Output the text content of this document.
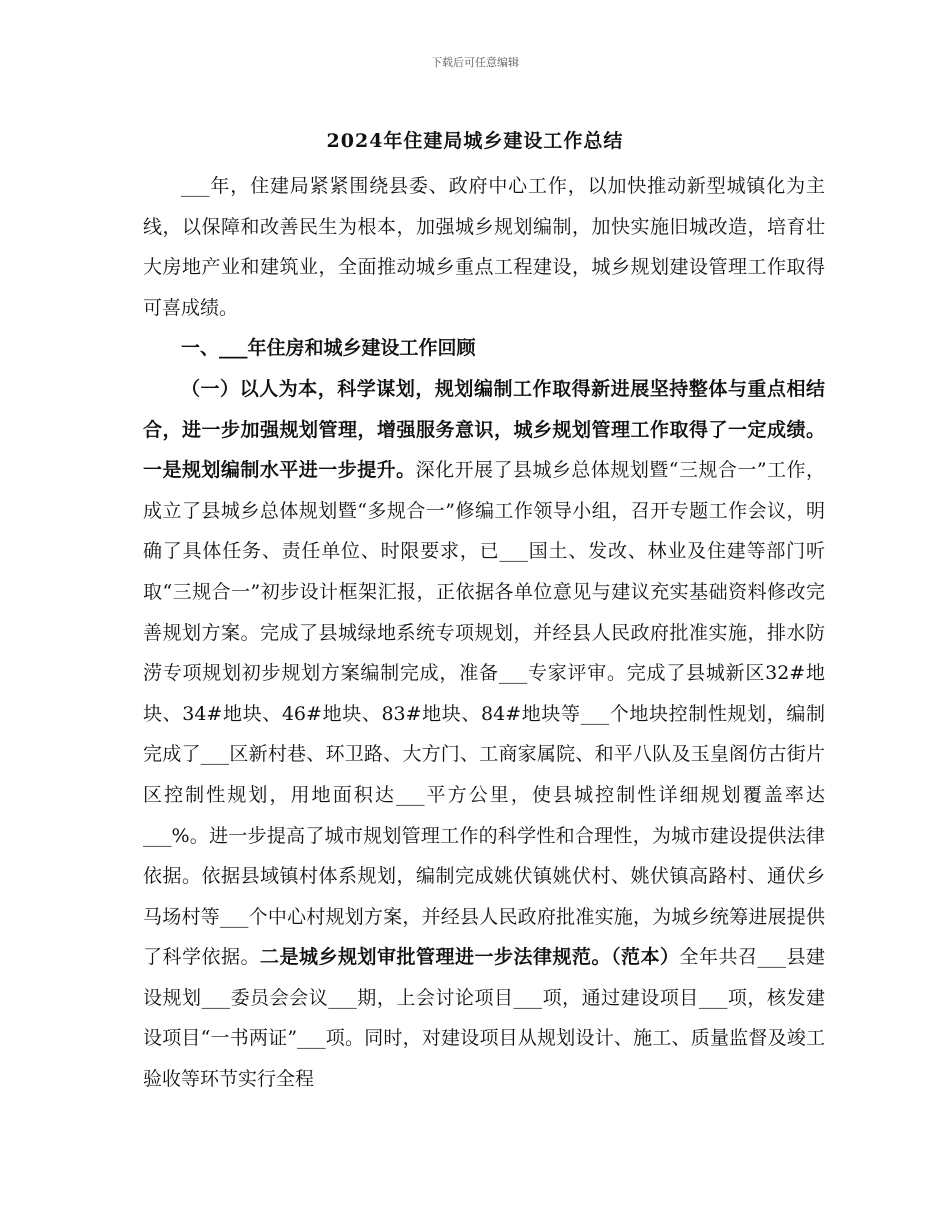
下载后可任意编辑
2024年住建局城乡建设工作总结

___年，住建局紧紧围绕县委、政府中心工作，以加快推动新型城镇化为主线，以保障和改善民生为根本，加强城乡规划编制，加快实施旧城改造，培育壮大房地产业和建筑业，全面推动城乡重点工程建设，城乡规划建设管理工作取得可喜成绩。

一、___年住房和城乡建设工作回顾

（一）以人为本，科学谋划，规划编制工作取得新进展坚持整体与重点相结合，进一步加强规划管理，增强服务意识，城乡规划管理工作取得了一定成绩。一是规划编制水平进一步提升。深化开展了县城乡总体规划暨“三规合一”工作，成立了县城乡总体规划暨“多规合一”修编工作领导小组，召开专题工作会议，明确了具体任务、责任单位、时限要求，已___国土、发改、林业及住建等部门听取“三规合一”初步设计框架汇报，正依据各单位意见与建议充实基础资料修改完善规划方案。完成了县城绿地系统专项规划，并经县人民政府批准实施，排水防涝专项规划初步规划方案编制完成，准备___专家评审。完成了县城新区32#地块、34#地块、46#地块、83#地块、84#地块等___个地块控制性规划，编制完成了___区新村巷、环卫路、大方门、工商家属院、和平八队及玉皇阁仿古街片区控制性规划，用地面积达___平方公里，使县城控制性详细规划覆盖率达___%。进一步提高了城市规划管理工作的科学性和合理性，为城市建设提供法律依据。依据县域镇村体系规划，编制完成姚伏镇姚伏村、姚伏镇高路村、通伏乡马场村等___个中心村规划方案，并经县人民政府批准实施，为城乡统筹进展提供了科学依据。二是城乡规划审批管理进一步法律规范。（范本）全年共召___县建设规划___委员会会议___期，上会讨论项目___项，通过建设项目___项，核发建设项目“一书两证”___项。同时，对建设项目从规划设计、施工、质量监督及竣工验收等环节实行全程
